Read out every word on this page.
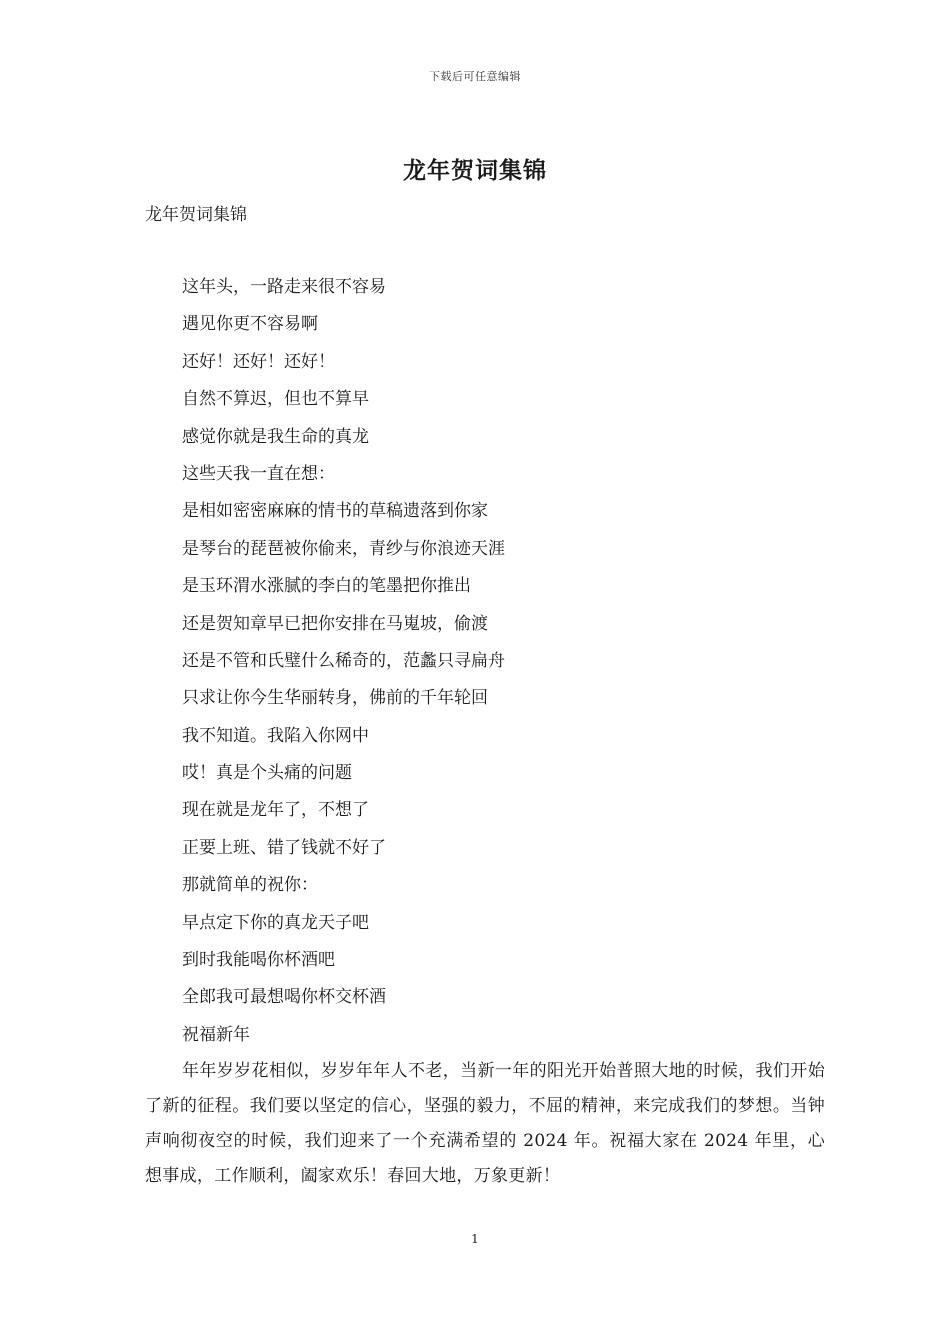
下载后可任意编辑
龙年贺词集锦

龙年贺词集锦

这年头，一路走来很不容易
遇见你更不容易啊
还好！还好！还好！
自然不算迟，但也不算早
感觉你就是我生命的真龙
这些天我一直在想：
是相如密密麻麻的情书的草稿遗落到你家
是琴台的琵琶被你偷来，青纱与你浪迹天涯
是玉环渭水涨腻的李白的笔墨把你推出
还是贺知章早已把你安排在马嵬坡，偷渡
还是不管和氏璧什么稀奇的，范蠡只寻扁舟
只求让你今生华丽转身，佛前的千年轮回
我不知道。我陷入你网中
哎！真是个头痛的问题
现在就是龙年了，不想了
正要上班、错了钱就不好了
那就简单的祝你：
早点定下你的真龙天子吧
到时我能喝你杯酒吧
全郎我可最想喝你杯交杯酒
祝福新年

年年岁岁花相似，岁岁年年人不老，当新一年的阳光开始普照大地的时候，我们开始了新的征程。我们要以坚定的信心，坚强的毅力，不屈的精神，来完成我们的梦想。当钟声响彻夜空的时候，我们迎来了一个充满希望的 2024 年。祝福大家在 2024 年里，心想事成，工作顺利，阖家欢乐！春回大地，万象更新！

1
